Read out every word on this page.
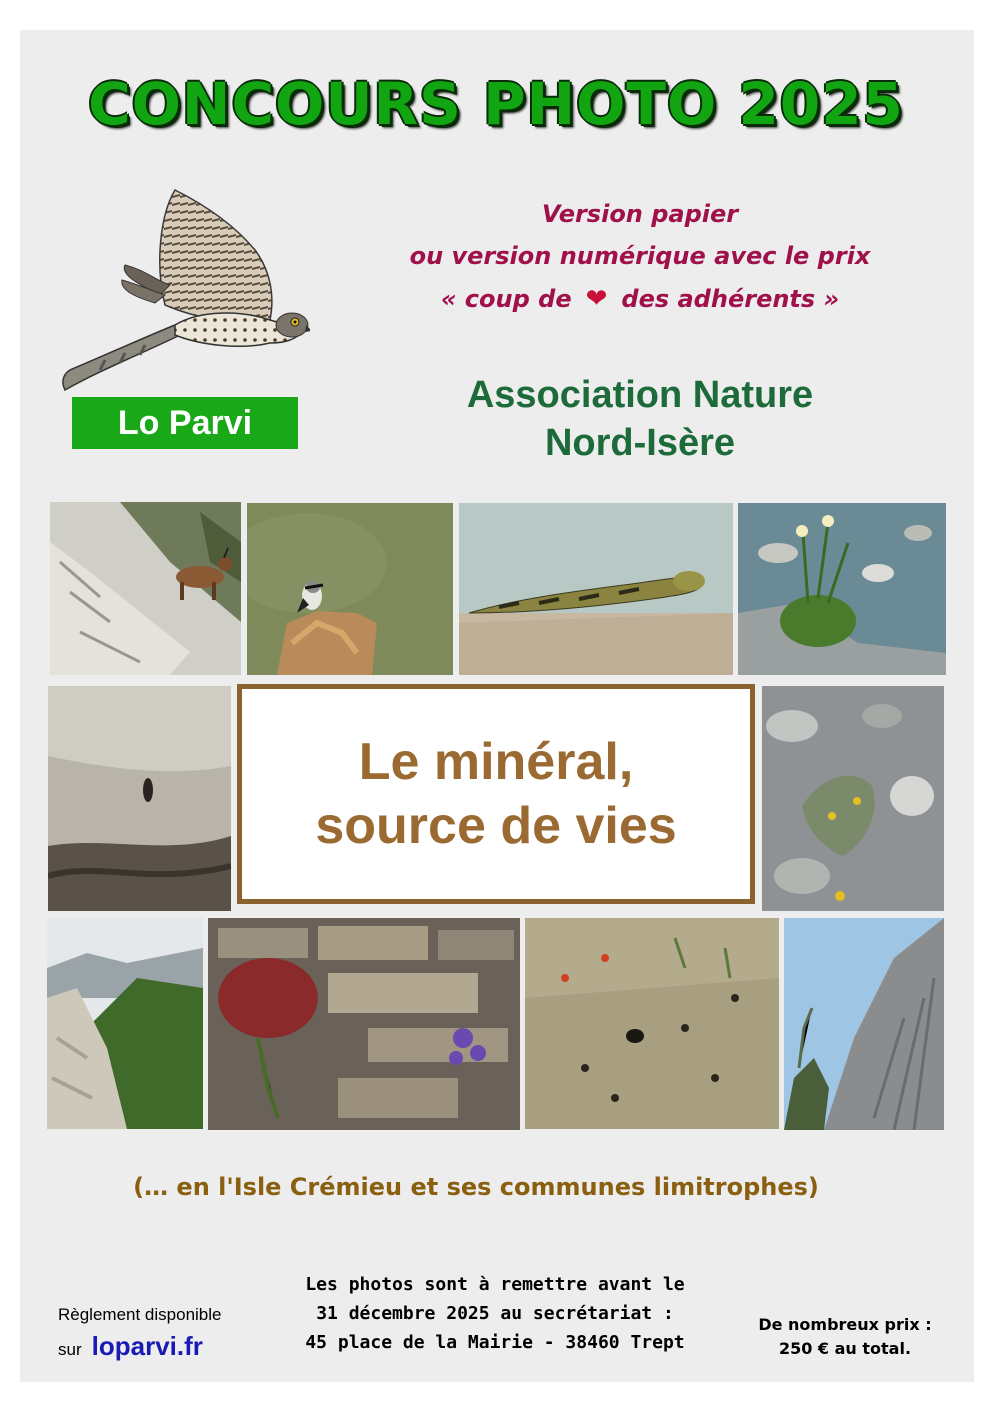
CONCOURS PHOTO 2025
Lo Parvi
Version papier
ou version numérique avec le prix
« coup de ❤ des adhérents »
Association Nature
Nord-Isère
Le minéral,
source de vies
(… en l'Isle Crémieu et ses communes limitrophes)
Règlement disponible
sur loparvi.fr
Les photos sont à remettre avant le
31 décembre 2025 au secrétariat :
45 place de la Mairie - 38460 Trept
De nombreux prix :
250 € au total.
